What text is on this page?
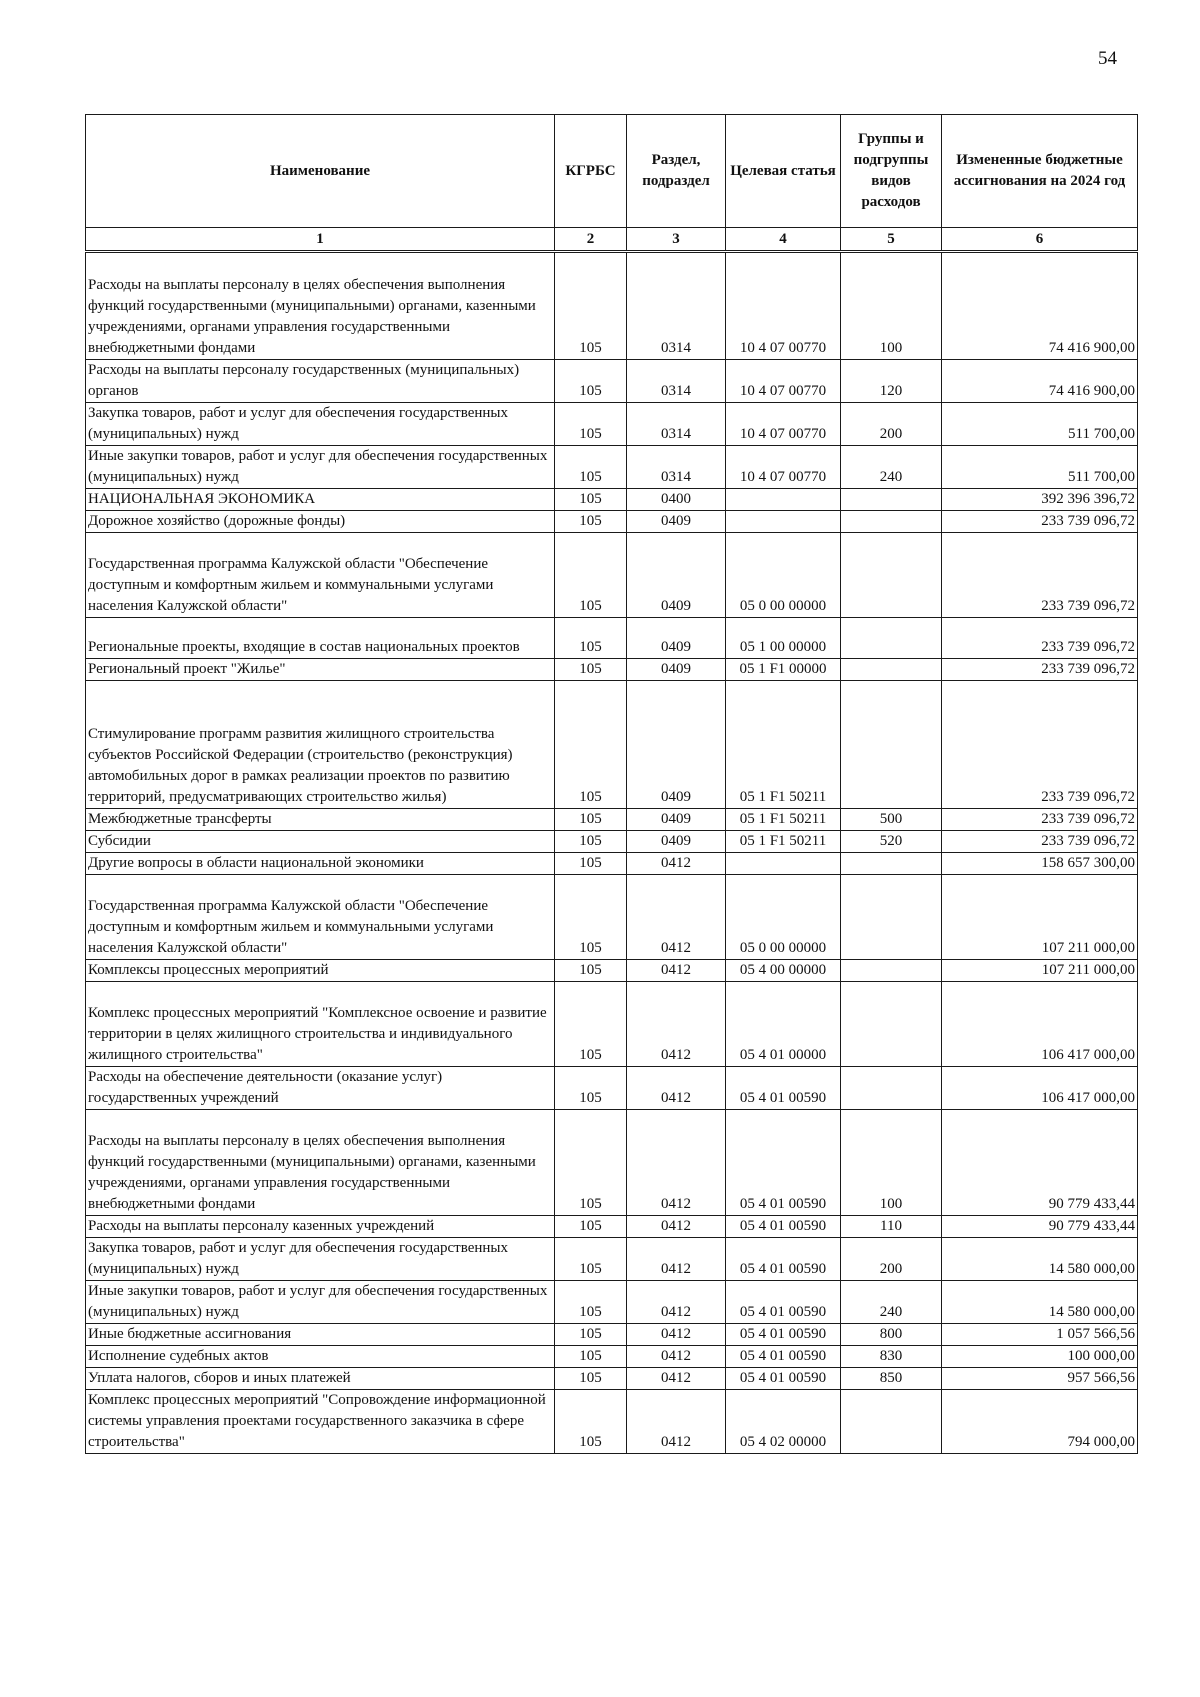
54
Наименование	КГРБС	Раздел, подраздел	Целевая статья	Группы и подгруппы видов расходов	Измененные бюджетные ассигнования на 2024 год
1	2	3	4	5	6
Расходы на выплаты персоналу в целях обеспечения выполнения функций государственными (муниципальными) органами, казенными учреждениями, органами управления государственными внебюджетными фондами	105	0314	10 4 07 00770	100	74 416 900,00
Расходы на выплаты персоналу государственных (муниципальных) органов	105	0314	10 4 07 00770	120	74 416 900,00
Закупка товаров, работ и услуг для обеспечения государственных (муниципальных) нужд	105	0314	10 4 07 00770	200	511 700,00
Иные закупки товаров, работ и услуг для обеспечения государственных (муниципальных) нужд	105	0314	10 4 07 00770	240	511 700,00
НАЦИОНАЛЬНАЯ ЭКОНОМИКА	105	0400			392 396 396,72
Дорожное хозяйство (дорожные фонды)	105	0409			233 739 096,72
Государственная программа Калужской области "Обеспечение доступным и комфортным жильем и коммунальными услугами населения Калужской области"	105	0409	05 0 00 00000		233 739 096,72
Региональные проекты, входящие в состав национальных проектов	105	0409	05 1 00 00000		233 739 096,72
Региональный проект "Жилье"	105	0409	05 1 F1 00000		233 739 096,72
Стимулирование программ развития жилищного строительства субъектов Российской Федерации (строительство (реконструкция) автомобильных дорог в рамках реализации проектов по развитию территорий, предусматривающих строительство жилья)	105	0409	05 1 F1 50211		233 739 096,72
Межбюджетные трансферты	105	0409	05 1 F1 50211	500	233 739 096,72
Субсидии	105	0409	05 1 F1 50211	520	233 739 096,72
Другие вопросы в области национальной экономики	105	0412			158 657 300,00
Государственная программа Калужской области "Обеспечение доступным и комфортным жильем и коммунальными услугами населения Калужской области"	105	0412	05 0 00 00000		107 211 000,00
Комплексы процессных мероприятий	105	0412	05 4 00 00000		107 211 000,00
Комплекс процессных мероприятий "Комплексное освоение и развитие территории в целях жилищного строительства и индивидуального жилищного строительства"	105	0412	05 4 01 00000		106 417 000,00
Расходы на обеспечение деятельности (оказание услуг) государственных учреждений	105	0412	05 4 01 00590		106 417 000,00
Расходы на выплаты персоналу в целях обеспечения выполнения функций государственными (муниципальными) органами, казенными учреждениями, органами управления государственными внебюджетными фондами	105	0412	05 4 01 00590	100	90 779 433,44
Расходы на выплаты персоналу казенных учреждений	105	0412	05 4 01 00590	110	90 779 433,44
Закупка товаров, работ и услуг для обеспечения государственных (муниципальных) нужд	105	0412	05 4 01 00590	200	14 580 000,00
Иные закупки товаров, работ и услуг для обеспечения государственных (муниципальных) нужд	105	0412	05 4 01 00590	240	14 580 000,00
Иные бюджетные ассигнования	105	0412	05 4 01 00590	800	1 057 566,56
Исполнение судебных актов	105	0412	05 4 01 00590	830	100 000,00
Уплата налогов, сборов и иных платежей	105	0412	05 4 01 00590	850	957 566,56
Комплекс процессных мероприятий "Сопровождение информационной системы управления проектами государственного заказчика в сфере строительства"	105	0412	05 4 02 00000		794 000,00
